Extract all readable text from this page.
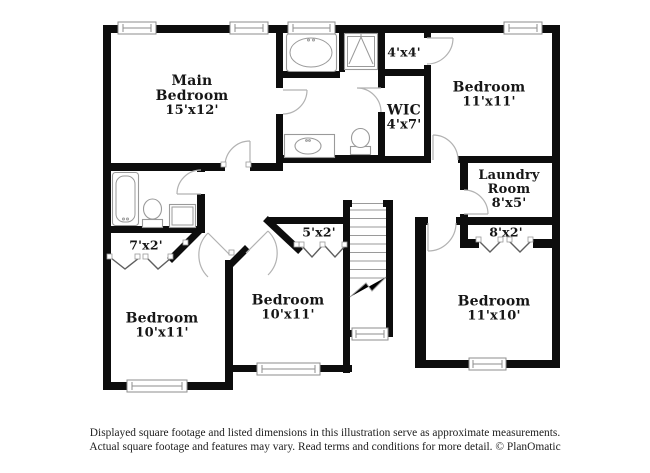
Main
Bedroom
15'x12'
4'x4'
WIC
4'x7'
Bedroom
11'x11'
Laundry
Room
8'x5'
8'x2'
7'x2'
5'x2'
Bedroom
10'x11'
Bedroom
10'x11'
Bedroom
11'x10'
Displayed square footage and listed dimensions in this illustration serve as approximate measurements.
Actual square footage and features may vary. Read terms and conditions for more detail. © PlanOmatic
